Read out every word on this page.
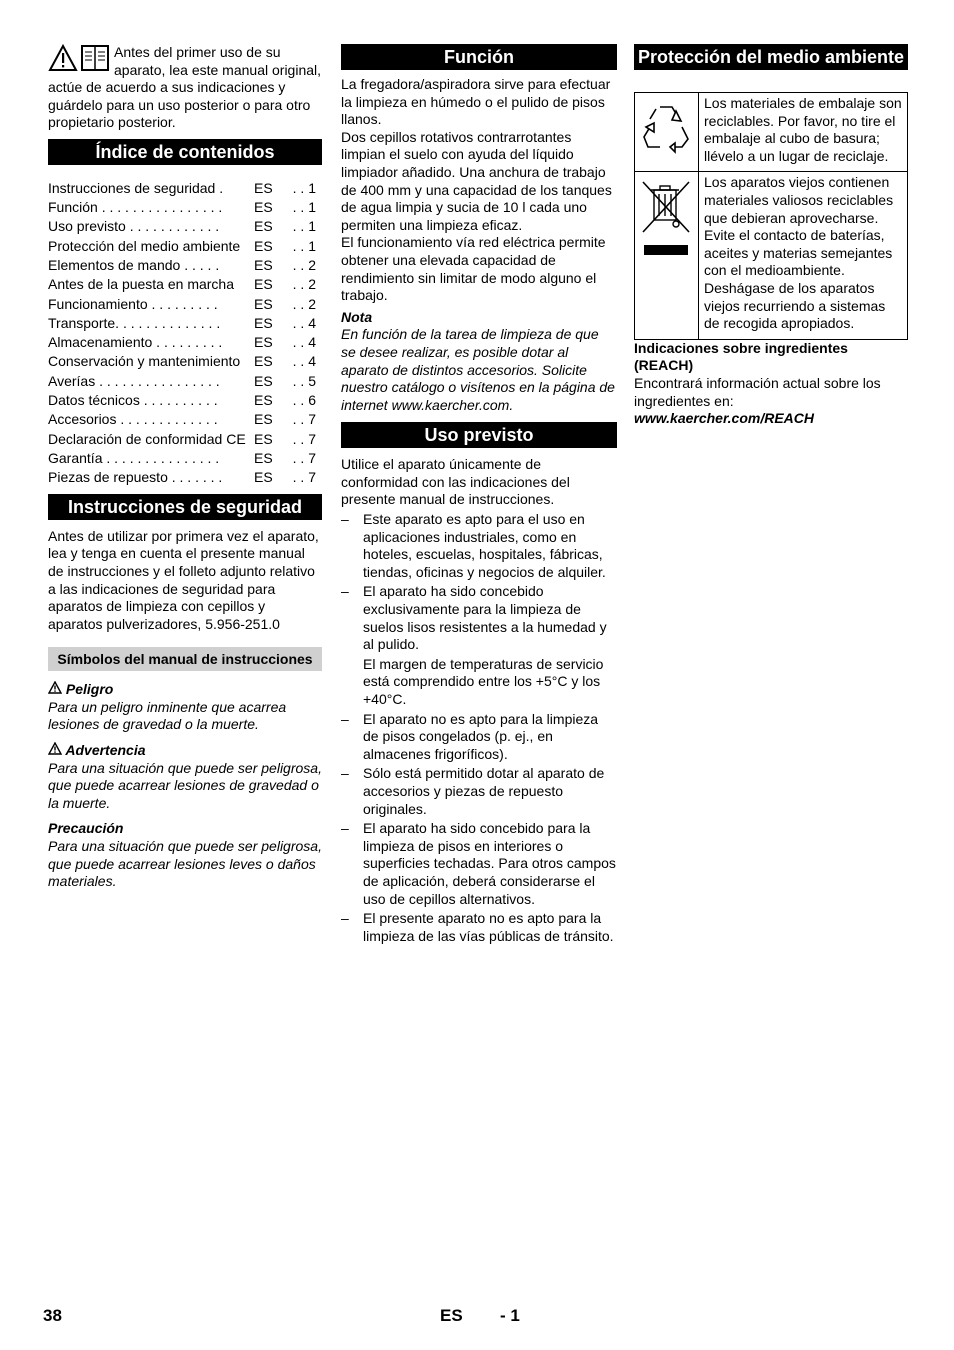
Antes del primer uso de su aparato, lea este manual original, actúe de acuerdo a sus indicaciones y guárdelo para un uso posterior o para otro propietario posterior.

Índice de contenidos
Instrucciones de seguridad .	ES	. . 1
Función . . . . . . . . . . . . . . . .	ES	. . 1
Uso previsto . . . . . . . . . . . .	ES	. . 1
Protección del medio ambiente	ES	. . 1
Elementos de mando . . . . .	ES	. . 2
Antes de la puesta en marcha	ES	. . 2
Funcionamiento . . . . . . . . .	ES	. . 2
Transporte. . . . . . . . . . . . . .	ES	. . 4
Almacenamiento . . . . . . . . .	ES	. . 4
Conservación y mantenimiento	ES	. . 4
Averías . . . . . . . . . . . . . . . .	ES	. . 5
Datos técnicos . . . . . . . . . .	ES	. . 6
Accesorios . . . . . . . . . . . . .	ES	. . 7
Declaración de conformidad CE	ES	. . 7
Garantía . . . . . . . . . . . . . . .	ES	. . 7
Piezas de repuesto . . . . . . .	ES	. . 7
Instrucciones de seguridad

Antes de utilizar por primera vez el aparato, lea y tenga en cuenta el presente manual de instrucciones y el folleto adjunto relativo a las indicaciones de seguridad para aparatos de limpieza con cepillos y aparatos pulverizadores, 5.956-251.0

Símbolos del manual de instrucciones

Peligro

Para un peligro inminente que acarrea lesiones de gravedad o la muerte.

Advertencia

Para una situación que puede ser peligrosa, que puede acarrear lesiones de gravedad o la muerte.

Precaución

Para una situación que puede ser peligrosa, que puede acarrear lesiones leves o daños materiales.

Función

La fregadora/aspiradora sirve para efectuar la limpieza en húmedo o el pulido de pisos llanos.

Dos cepillos rotativos contrarrotantes limpian el suelo con ayuda del líquido limpiador añadido. Una anchura de trabajo de 400 mm y una capacidad de los tanques de agua limpia y sucia de 10 l cada uno permiten una limpieza eficaz.

El funcionamiento vía red eléctrica permite obtener una elevada capacidad de rendimiento sin limitar de modo alguno el trabajo.

Nota

En función de la tarea de limpieza de que se desee realizar, es posible dotar al aparato de distintos accesorios. Solicite nuestro catálogo o visítenos en la página de internet www.kaercher.com.

Uso previsto

Utilice el aparato únicamente de conformidad con las indicaciones del presente manual de instrucciones.

– Este aparato es apto para el uso en aplicaciones industriales, como en hoteles, escuelas, hospitales, fábricas, tiendas, oficinas y negocios de alquiler.
– El aparato ha sido concebido exclusivamente para la limpieza de suelos lisos resistentes a la humedad y al pulido.

El margen de temperaturas de servicio está comprendido entre los +5°C y los +40°C.
– El aparato no es apto para la limpieza de pisos congelados (p. ej., en almacenes frigoríficos).
– Sólo está permitido dotar al aparato de accesorios y piezas de repuesto originales.
– El aparato ha sido concebido para la limpieza de pisos en interiores o superficies techadas. Para otros campos de aplicación, deberá considerarse el uso de cepillos alternativos.
– El presente aparato no es apto para la limpieza de las vías públicas de tránsito.
Protección del medio ambiente
	Los materiales de embalaje son reciclables. Por favor, no tire el embalaje al cubo de basura; llévelo a un lugar de reciclaje.
	Los aparatos viejos contienen materiales valiosos reciclables que debieran aprovecharse. Evite el contacto de baterías, aceites y materias semejantes con el medioambiente. Deshágase de los aparatos viejos recurriendo a sistemas de recogida apropiados.

Indicaciones sobre ingredientes (REACH)

Encontrará información actual sobre los ingredientes en:

www.kaercher.com/REACH

38	ES - 1
